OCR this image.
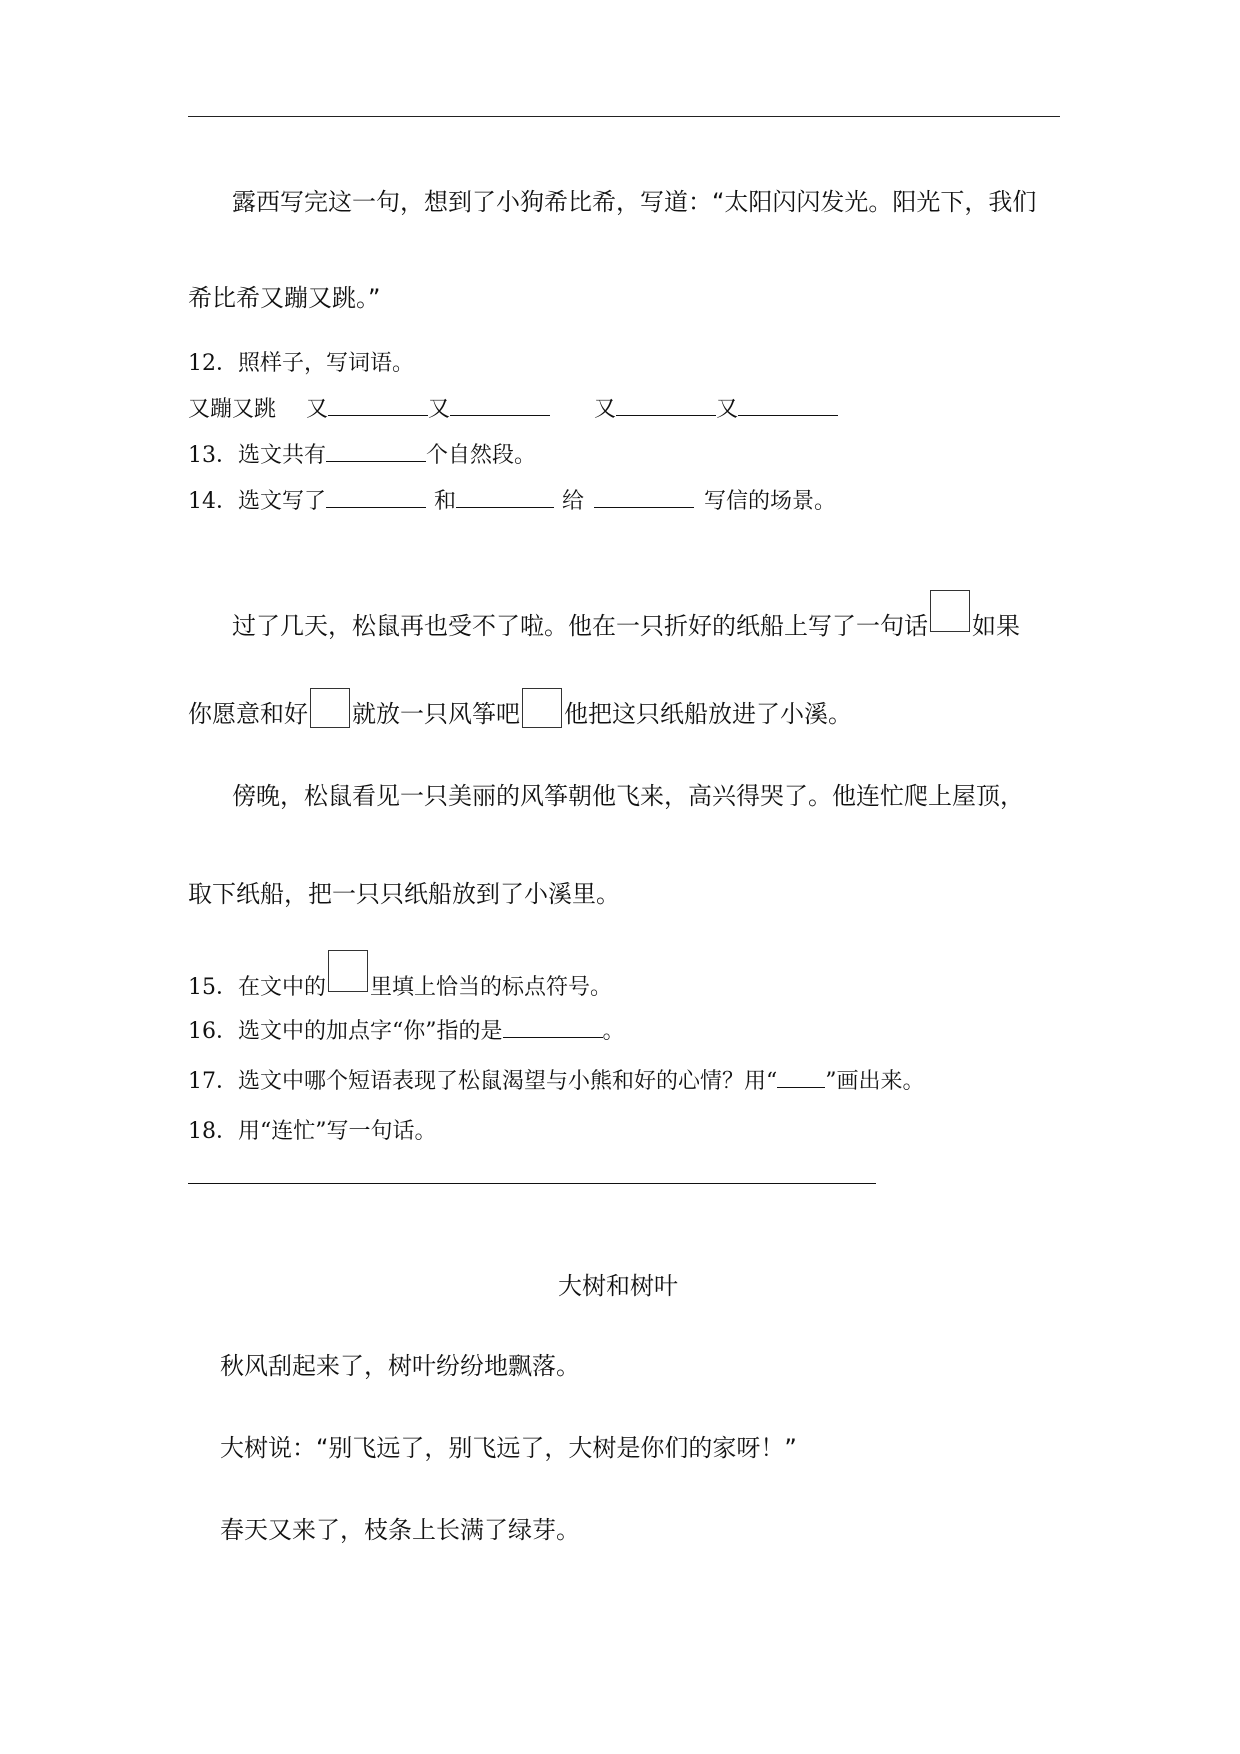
露西写完这一句，想到了小狗希比希，写道：“太阳闪闪发光。阳光下，我们
希比希又蹦又跳。”
12．照样子，写词语。
又蹦又跳 又	又	又	又
13．选文共有	个自然段。
14．选文写了	和	给	写信的场景。
过了几天，松鼠再也受不了啦。他在一只折好的纸船上写了一句话 如果
你愿意和好 就放一只风筝吧 他把这只纸船放进了小溪。
傍晚，松鼠看见一只美丽的风筝朝他飞来，高兴得哭了。他连忙爬上屋顶，
取下纸船，把一只只纸船放到了小溪里。
15．在文中的 里填上恰当的标点符号。
16．选文中的加点字“你”指的是	。
17．选文中哪个短语表现了松鼠渴望与小熊和好的心情？用“ ”画出来。
18．用“连忙”写一句话。
大树和树叶
秋风刮起来了，树叶纷纷地飘落。
大树说：“别飞远了，别飞远了，大树是你们的家呀！”
春天又来了，枝条上长满了绿芽。
